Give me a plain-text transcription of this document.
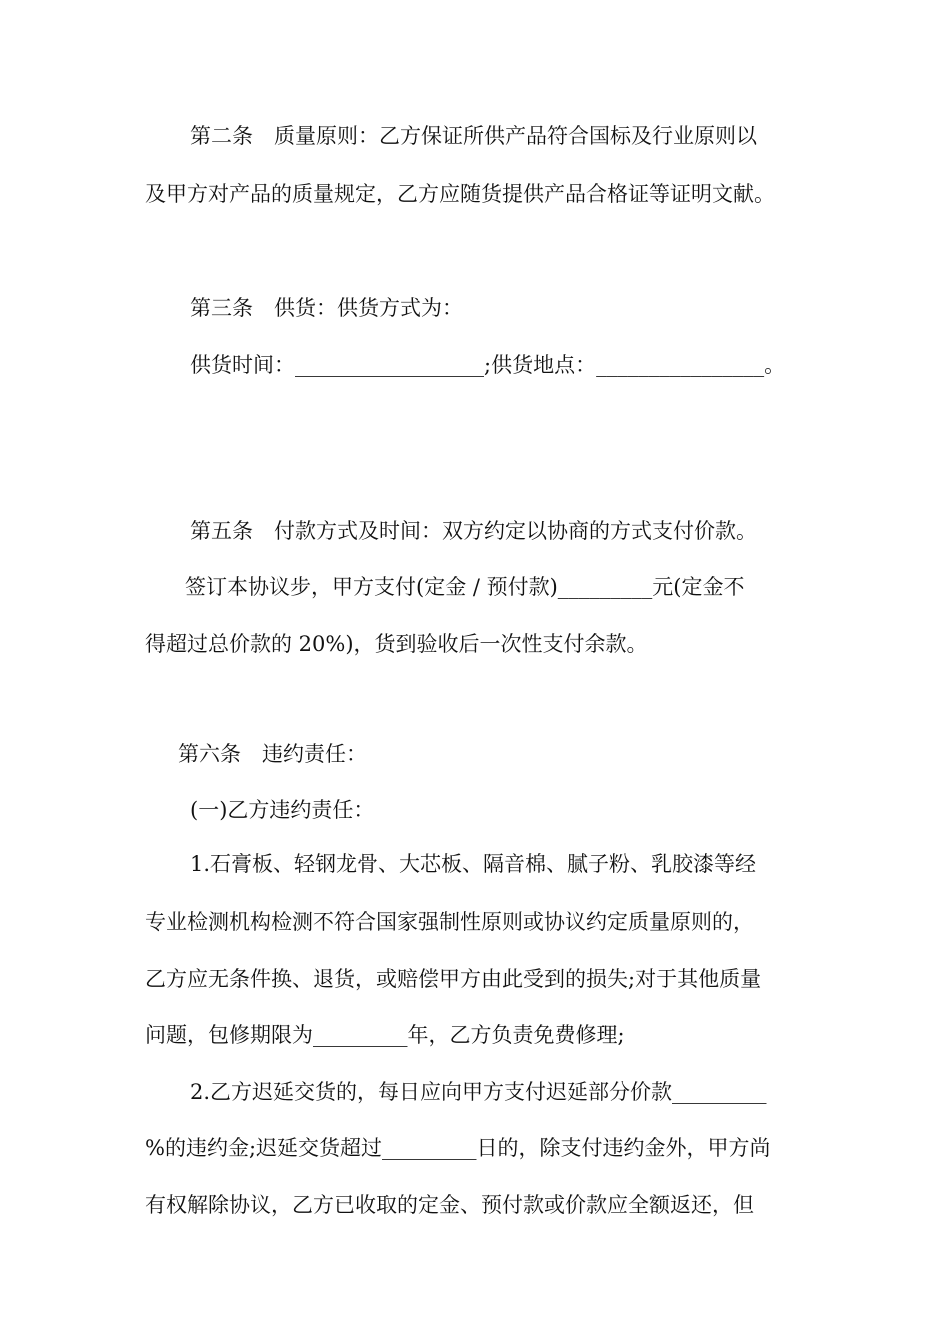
第二条　质量原则：乙方保证所供产品符合国标及行业原则以
及甲方对产品的质量规定，乙方应随货提供产品合格证等证明文献。
第三条　供货：供货方式为：
供货时间：__________________;供货地点：________________。
第五条　付款方式及时间：双方约定以协商的方式支付价款。
签订本协议步，甲方支付(定金 / 预付款)_________元(定金不
得超过总价款的 20%)，货到验收后一次性支付余款。
第六条　违约责任：
(一)乙方违约责任：
1.石膏板、轻钢龙骨、大芯板、隔音棉、腻子粉、乳胶漆等经
专业检测机构检测不符合国家强制性原则或协议约定质量原则的，
乙方应无条件换、退货，或赔偿甲方由此受到的损失;对于其他质量
问题，包修期限为_________年，乙方负责免费修理;
2.乙方迟延交货的，每日应向甲方支付迟延部分价款_________
%的违约金;迟延交货超过_________日的，除支付违约金外，甲方尚
有权解除协议，乙方已收取的定金、预付款或价款应全额返还，但
